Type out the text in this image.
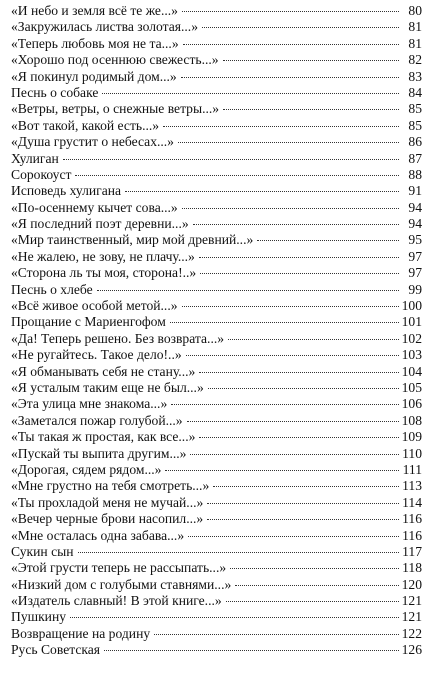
«И небо и земля всё те же...»	80
«Закружилась листва золотая...»	81
«Теперь любовь моя не та...»	81
«Хорошо под осеннюю свежесть...»	82
«Я покинул родимый дом...»	83
Песнь о собаке	84
«Ветры, ветры, о снежные ветры...»	85
«Вот такой, какой есть...»	85
«Душа грустит о небесах...»	86
Хулиган	87
Сорокоуст	88
Исповедь хулигана	91
«По-осеннему кычет сова...»	94
«Я последний поэт деревни...»	94
«Мир таинственный, мир мой древний...»	95
«Не жалею, не зову, не плачу...»	97
«Сторона ль ты моя, сторона!..»	97
Песнь о хлебе	99
«Всё живое особой метой...»	100
Прощание с Мариенгофом	101
«Да! Теперь решено. Без возврата...»	102
«Не ругайтесь. Такое дело!..»	103
«Я обманывать себя не стану...»	104
«Я усталым таким еще не был...»	105
«Эта улица мне знакома...»	106
«Заметался пожар голубой...»	108
«Ты такая ж простая, как все...»	109
«Пускай ты выпита другим...»	110
«Дорогая, сядем рядом...»	111
«Мне грустно на тебя смотреть...»	113
«Ты прохладой меня не мучай...»	114
«Вечер черные брови насопил...»	116
«Мне осталась одна забава...»	116
Сукин сын	117
«Этой грусти теперь не рассыпать...»	118
«Низкий дом с голубыми ставнями...»	120
«Издатель славный! В этой книге...»	121
Пушкину	121
Возвращение на родину	122
Русь Советская	126
